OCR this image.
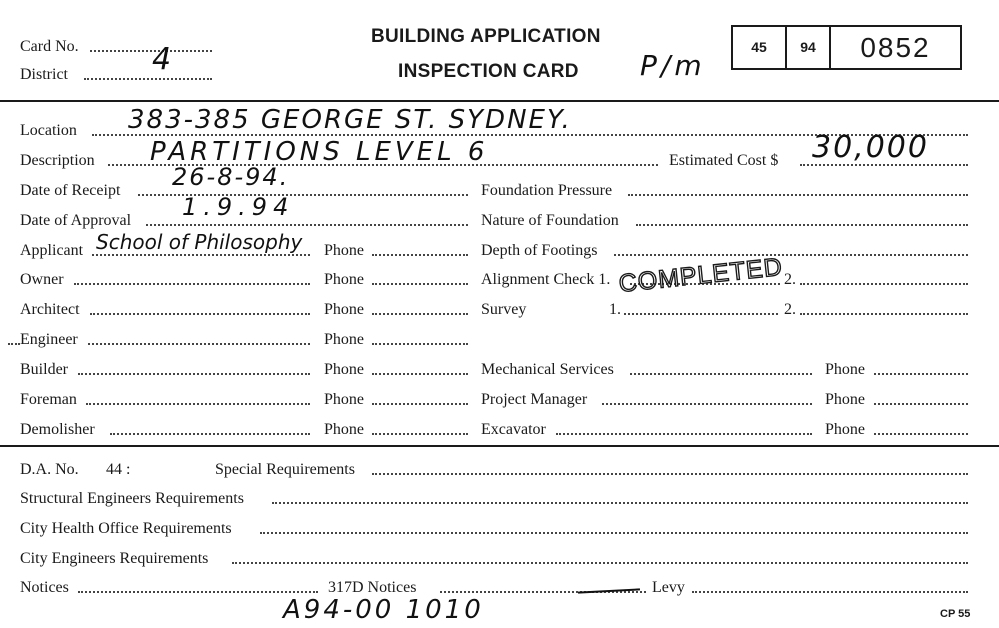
Card No.
District	4
BUILDING APPLICATION
INSPECTION CARD P/m
45	94	0852
Location 383-385 GEORGE ST. SYDNEY.
Description PARTITIONS LEVEL 6	Estimated Cost $ 30,000
Date of Receipt 26-8-94.
Date of Approval 1.9.94
Applicant School of Philosophy Phone
Owner	Phone
Architect	Phone
Engineer	Phone
Builder	Phone
Foreman	Phone
Demolisher	Phone
Foundation Pressure
Nature of Foundation
Depth of Footings
Alignment Check 1.	2.
Survey	1.	2.
COMPLETED
Mechanical Services	Phone
Project Manager	Phone
Excavator	Phone
D.A. No. 44 :	Special Requirements
Structural Engineers Requirements
City Health Office Requirements
City Engineers Requirements
Notices	317D Notices	Levy
A94-00 1010	CP 55
